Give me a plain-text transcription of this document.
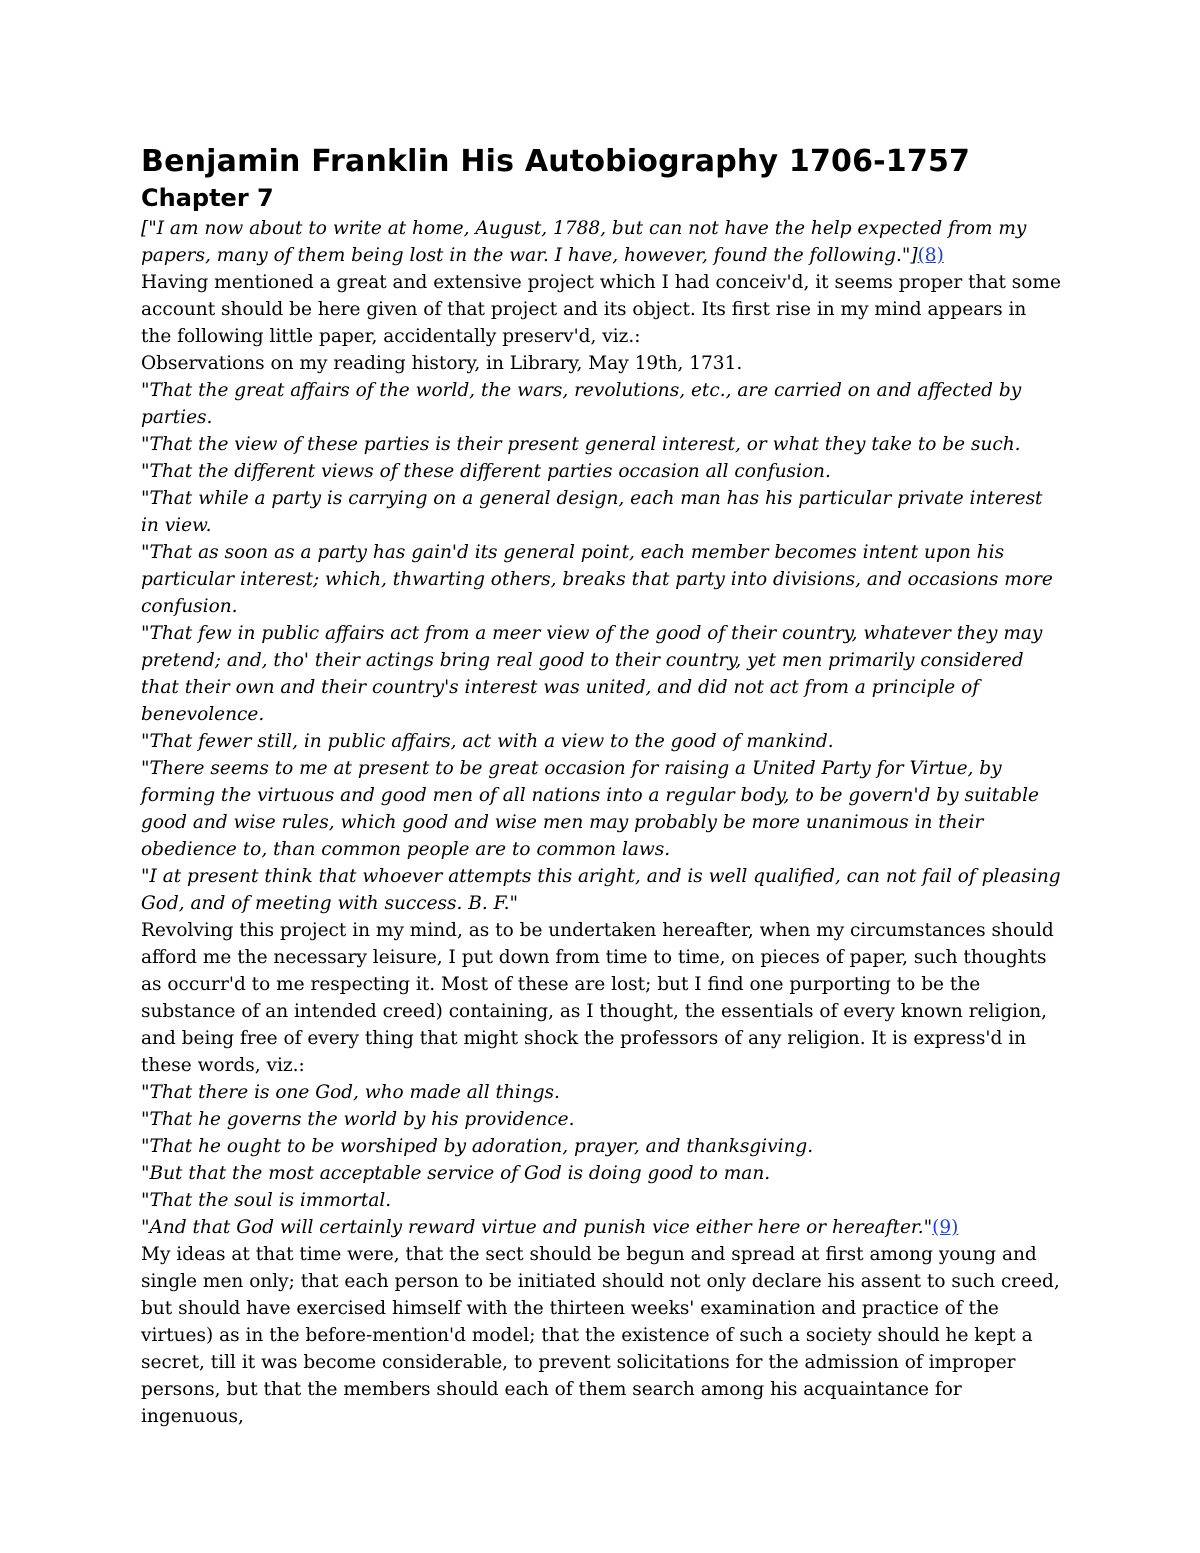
Benjamin Franklin His Autobiography 1706-1757
Chapter 7

["I am now about to write at home, August, 1788, but can not have the help expected from my papers, many of them being lost in the war. I have, however, found the following."](8)

Having mentioned a great and extensive project which I had conceiv'd, it seems proper that some account should be here given of that project and its object. Its first rise in my mind appears in the following little paper, accidentally preserv'd, viz.:

Observations on my reading history, in Library, May 19th, 1731.

"That the great affairs of the world, the wars, revolutions, etc., are carried on and affected by parties.

"That the view of these parties is their present general interest, or what they take to be such.

"That the different views of these different parties occasion all confusion.

"That while a party is carrying on a general design, each man has his particular private interest in view.

"That as soon as a party has gain'd its general point, each member becomes intent upon his particular interest; which, thwarting others, breaks that party into divisions, and occasions more confusion.

"That few in public affairs act from a meer view of the good of their country, whatever they may pretend; and, tho' their actings bring real good to their country, yet men primarily considered that their own and their country's interest was united, and did not act from a principle of benevolence.

"That fewer still, in public affairs, act with a view to the good of mankind.

"There seems to me at present to be great occasion for raising a United Party for Virtue, by forming the virtuous and good men of all nations into a regular body, to be govern'd by suitable good and wise rules, which good and wise men may probably be more unanimous in their obedience to, than common people are to common laws.

"I at present think that whoever attempts this aright, and is well qualified, can not fail of pleasing God, and of meeting with success. B. F."

Revolving this project in my mind, as to be undertaken hereafter, when my circumstances should afford me the necessary leisure, I put down from time to time, on pieces of paper, such thoughts as occurr'd to me respecting it. Most of these are lost; but I find one purporting to be the substance of an intended creed) containing, as I thought, the essentials of every known religion, and being free of every thing that might shock the professors of any religion. It is express'd in these words, viz.:

"That there is one God, who made all things.

"That he governs the world by his providence.

"That he ought to be worshiped by adoration, prayer, and thanksgiving.

"But that the most acceptable service of God is doing good to man.

"That the soul is immortal.

"And that God will certainly reward virtue and punish vice either here or hereafter."(9)

My ideas at that time were, that the sect should be begun and spread at first among young and single men only; that each person to be initiated should not only declare his assent to such creed, but should have exercised himself with the thirteen weeks' examination and practice of the virtues) as in the before-mention'd model; that the existence of such a society should he kept a secret, till it was become considerable, to prevent solicitations for the admission of improper persons, but that the members should each of them search among his acquaintance for ingenuous,
